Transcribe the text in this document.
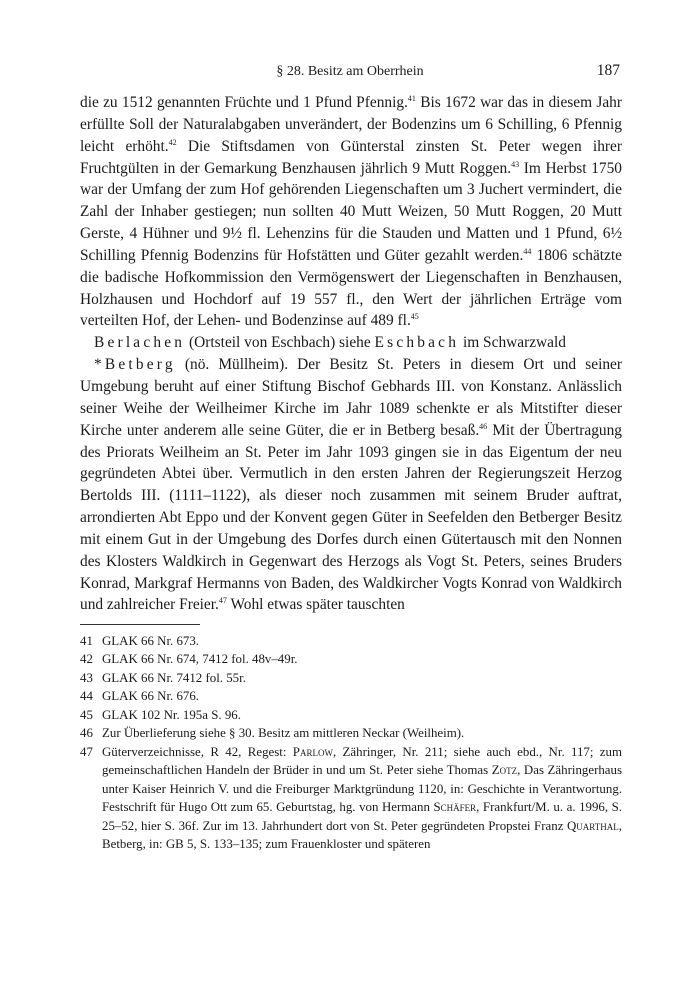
§ 28. Besitz am Oberrhein	187

die zu 1512 genannten Früchte und 1 Pfund Pfennig.$^{41}$ Bis 1672 war das in diesem Jahr erfüllte Soll der Naturalabgaben unverändert, der Bodenzins um 6 Schilling, 6 Pfennig leicht erhöht.$^{42}$ Die Stiftsdamen von Günterstal zinsten St. Peter wegen ihrer Fruchtgülten in der Gemarkung Benzhausen jährlich 9 Mutt Roggen.$^{43}$ Im Herbst 1750 war der Umfang der zum Hof gehörenden Liegenschaften um 3 Juchert vermindert, die Zahl der Inhaber gestiegen; nun sollten 40 Mutt Weizen, 50 Mutt Roggen, 20 Mutt Gerste, 4 Hühner und 9½ fl. Lehenzins für die Stauden und Matten und 1 Pfund, 6½ Schilling Pfennig Bodenzins für Hofstätten und Güter gezahlt werden.$^{44}$ 1806 schätzte die badische Hofkommission den Vermögenswert der Liegenschaften in Benzhausen, Holzhausen und Hochdorf auf 19 557 fl., den Wert der jährlichen Erträge vom verteilten Hof, der Lehen- und Bodenzinse auf 489 fl.$^{45}$

Berlachen (Ortsteil von Eschbach) siehe Eschbach im Schwarzwald

*Betberg (nö. Müllheim). Der Besitz St. Peters in diesem Ort und seiner Umgebung beruht auf einer Stiftung Bischof Gebhards III. von Konstanz. Anlässlich seiner Weihe der Weilheimer Kirche im Jahr 1089 schenkte er als Mitstifter dieser Kirche unter anderem alle seine Güter, die er in Betberg besaß.$^{46}$ Mit der Übertragung des Priorats Weilheim an St. Peter im Jahr 1093 gingen sie in das Eigentum der neu gegründeten Abtei über. Vermutlich in den ersten Jahren der Regierungszeit Herzog Bertolds III. (1111–1122), als dieser noch zusammen mit seinem Bruder auftrat, arrondierten Abt Eppo und der Konvent gegen Güter in Seefelden den Betberger Besitz mit einem Gut in der Umgebung des Dorfes durch einen Gütertausch mit den Nonnen des Klosters Waldkirch in Gegenwart des Herzogs als Vogt St. Peters, seines Bruders Konrad, Markgraf Hermanns von Baden, des Waldkircher Vogts Konrad von Waldkirch und zahlreicher Freier.$^{47}$ Wohl etwas später tauschten

41 GLAK 66 Nr. 673.
42 GLAK 66 Nr. 674, 7412 fol. 48v–49r.
43 GLAK 66 Nr. 7412 fol. 55r.
44 GLAK 66 Nr. 676.
45 GLAK 102 Nr. 195a S. 96.
46 Zur Überlieferung siehe § 30. Besitz am mittleren Neckar (Weilheim).
47 Güterverzeichnisse, R 42, Regest: Parlow, Zähringer, Nr. 211; siehe auch ebd., Nr. 117; zum gemeinschaftlichen Handeln der Brüder in und um St. Peter siehe Thomas Zotz, Das Zähringerhaus unter Kaiser Heinrich V. und die Freiburger Marktgründung 1120, in: Geschichte in Verantwortung. Festschrift für Hugo Ott zum 65. Geburtstag, hg. von Hermann Schäfer, Frankfurt/M. u. a. 1996, S. 25–52, hier S. 36f. Zur im 13. Jahrhundert dort von St. Peter gegründeten Propstei Franz Quarthal, Betberg, in: GB 5, S. 133–135; zum Frauenkloster und späteren
